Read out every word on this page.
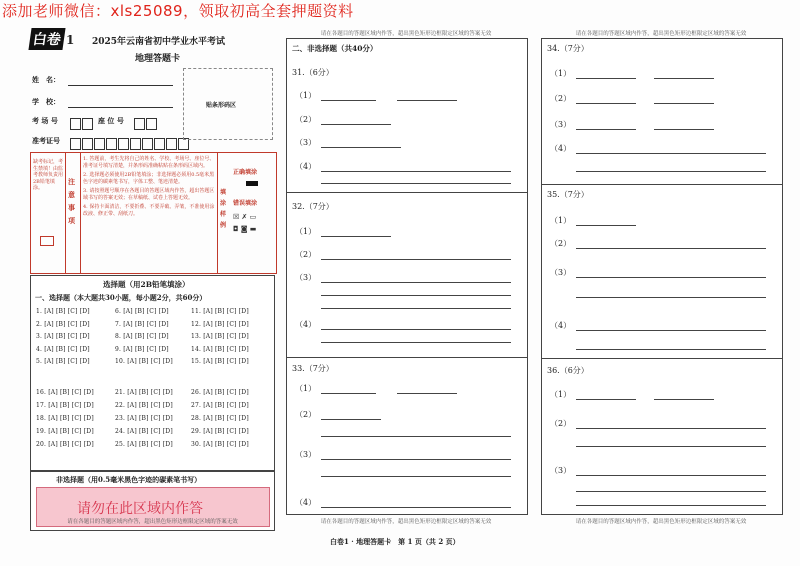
添加老师微信：xls25089，领取初高全套押题资料
白卷 1 2025年云南省初中学业水平考试
地理答题卡
姓　名：
学　校：
考 场 号	座 位 号
准考证号
贴条形码区
缺考标记，考生禁填！由监考教师负责用2B铅笔填涂。
注意事项
1. 答题前，考生先将自己的姓名、学校、考场号、座位号、准考证号填写清楚，并条形码准确粘贴在条形码区域内。
2. 选择题必须使用2B铅笔填涂；非选择题必须用0.5毫米黑色字迹的碳素笔书写，字体工整、笔迹清楚。
3. 请按照题号顺序在各题目的答题区域内作答，超出答题区域书写的答案无效；在草稿纸、试卷上答题无效。
4. 保持卡面清洁，不要折叠、不要弄破、弄皱，不准使用涂改液、修正带、刮纸刀。
填涂样例
正确填涂
错误填涂
☒ ✗ ▭
◘ ◙ ▬
选择题（用2B铅笔填涂）
一、选择题（本大题共30小题，每小题2分，共60分）
1. [A] [B] [C] [D]
2. [A] [B] [C] [D]
3. [A] [B] [C] [D]
4. [A] [B] [C] [D]
5. [A] [B] [C] [D]
6. [A] [B] [C] [D]
7. [A] [B] [C] [D]
8. [A] [B] [C] [D]
9. [A] [B] [C] [D]
10. [A] [B] [C] [D]
11. [A] [B] [C] [D]
12. [A] [B] [C] [D]
13. [A] [B] [C] [D]
14. [A] [B] [C] [D]
15. [A] [B] [C] [D]
16. [A] [B] [C] [D]
17. [A] [B] [C] [D]
18. [A] [B] [C] [D]
19. [A] [B] [C] [D]
20. [A] [B] [C] [D]
21. [A] [B] [C] [D]
22. [A] [B] [C] [D]
23. [A] [B] [C] [D]
24. [A] [B] [C] [D]
25. [A] [B] [C] [D]
26. [A] [B] [C] [D]
27. [A] [B] [C] [D]
28. [A] [B] [C] [D]
29. [A] [B] [C] [D]
30. [A] [B] [C] [D]
非选择题（用0.5毫米黑色字迹的碳素笔书写）
请勿在此区域内作答
请在各题目的答题区域内作答，超出黑色矩形边框限定区域的答案无效
请在各题目的答题区域内作答，超出黑色矩形边框限定区域的答案无效
二、非选择题（共40分）
31.（6分）
（1）
（2）
（3）
（4）
32.（7分）
（1）
（2）
（3）
（4）
33.（7分）
（1）
（2）
（3）
（4）
请在各题目的答题区域内作答，超出黑色矩形边框限定区域的答案无效
请在各题目的答题区域内作答，超出黑色矩形边框限定区域的答案无效
34.（7分）
（1）
（2）
（3）
（4）
35.（7分）
（1）
（2）
（3）
（4）
36.（6分）
（1）
（2）
（3）
请在各题目的答题区域内作答，超出黑色矩形边框限定区域的答案无效
白卷1 · 地理答题卡　第 1 页（共 2 页）
